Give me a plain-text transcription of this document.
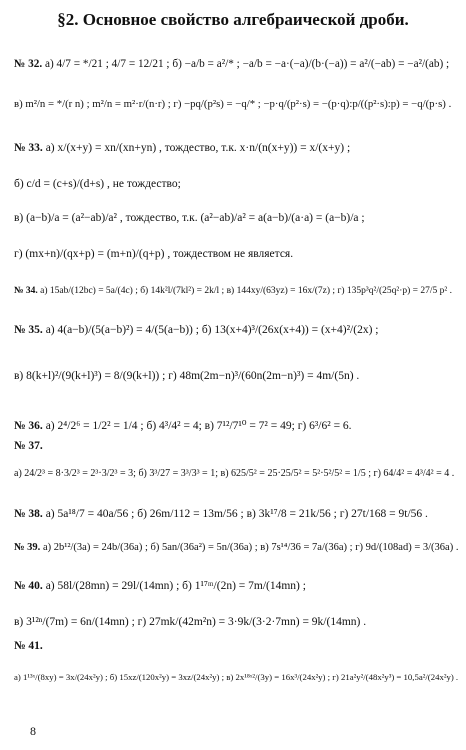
§2. Основное свойство алгебраической дроби.
№ 32. а) 4/7 = */21 ; 4/7 = 12/21 ; б) −a/b = a²/* ; −a/b = −a·(−a)/(b·(−a)) = a²/(−ab) = −a²/(ab) ;
в) m²/n = */(r n) ; m²/n = m²·r/(n·r) ; г) −pq/(p²s) = −q/* ; −p·q/(p²·s) = −(p·q):p/((p²·s):p) = −q/(p·s) .
№ 33. а) x/(x+y) = xn/(xn+yn) , тождество, т.к. x·n/(n(x+y)) = x/(x+y) ;
б) c/d = (c+s)/(d+s) , не тождество;
в) (a−b)/a = (a²−ab)/a² , тождество, т.к. (a²−ab)/a² = a(a−b)/(a·a) = (a−b)/a ;
г) (mx+n)/(qx+p) = (m+n)/(q+p) , тождеством не является.
№ 34. а) 15ab/(12bc) = 5a/(4c) ; б) 14k²l/(7kl²) = 2k/l ; в) 144xy/(63yz) = 16x/(7z) ; г) 135p³q²/(25q²·p) = 27/5 p² .
№ 35. а) 4(a−b)/(5(a−b)²) = 4/(5(a−b)) ; б) 13(x+4)³/(26x(x+4)) = (x+4)²/(2x) ;
в) 8(k+l)²/(9(k+l)³) = 8/(9(k+l)) ; г) 48m(2m−n)³/(60n(2m−n)³) = 4m/(5n) .
№ 36. а) 2⁴/2⁶ = 1/2² = 1/4 ; б) 4³/4² = 4; в) 7¹²/7¹⁰ = 7² = 49; г) 6³/6² = 6.
№ 37.
а) 24/2³ = 8·3/2³ = 2³·3/2³ = 3; б) 3³/27 = 3³/3³ = 1; в) 625/5² = 25·25/5² = 5²·5²/5² = 1/5 ; г) 64/4² = 4³/4² = 4 .
№ 38. а) 5a¹⁸/7 = 40a/56 ; б) 26m/112 = 13m/56 ; в) 3k¹⁷/8 = 21k/56 ; г) 27t/168 = 9t/56 .
№ 39. а) 2b¹²/(3a) = 24b/(36a) ; б) 5an/(36a²) = 5n/(36a) ; в) 7s¹⁴/36 = 7a/(36a) ; г) 9d/(108ad) = 3/(36a) .
№ 40. а) 58l/(28mn) = 29l/(14mn) ; б) 1¹⁷ᵐ/(2n) = 7m/(14mn) ;
в) 3¹²ⁿ/(7m) = 6n/(14mn) ; г) 27mk/(42m²n) = 3·9k/(3·2·7mn) = 9k/(14mn) .
№ 41.
а) 1¹³ˣ/(8xy) = 3x/(24x²y) ; б) 15xz/(120x²y) = 3xz/(24x²y) ; в) 2x¹⁸ˣ²/(3y) = 16x³/(24x²y) ; г) 21a²y²/(48x²y³) = 10,5a²/(24x²y) .
8
